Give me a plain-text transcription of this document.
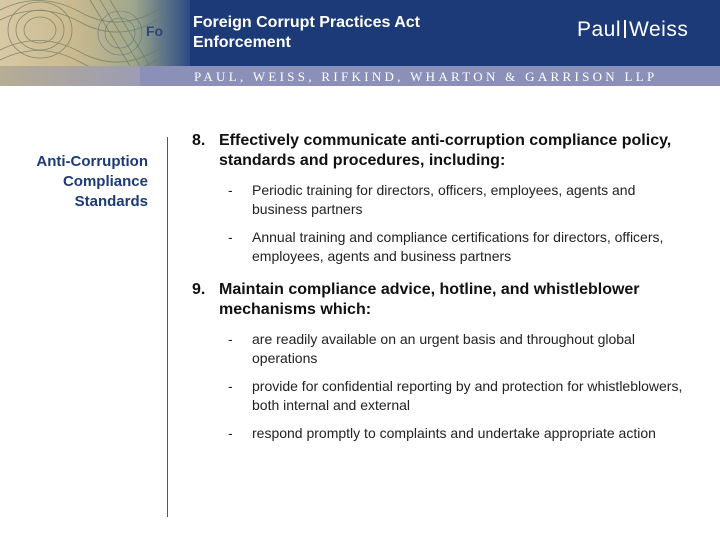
Fo Foreign Corrupt Practices Act
Enforcement
Paul Weiss
PAUL, WEISS, RIFKIND, WHARTON & GARRISON LLP
Anti-Corruption
Compliance
Standards
8. Effectively communicate anti-corruption compliance policy, standards and procedures, including:
- Periodic training for directors, officers, employees, agents and business partners
- Annual training and compliance certifications for directors, officers, employees, agents and business partners
9. Maintain compliance advice, hotline, and whistleblower mechanisms which:
- are readily available on an urgent basis and throughout global operations
- provide for confidential reporting by and protection for whistleblowers, both internal and external
- respond promptly to complaints and undertake appropriate action
